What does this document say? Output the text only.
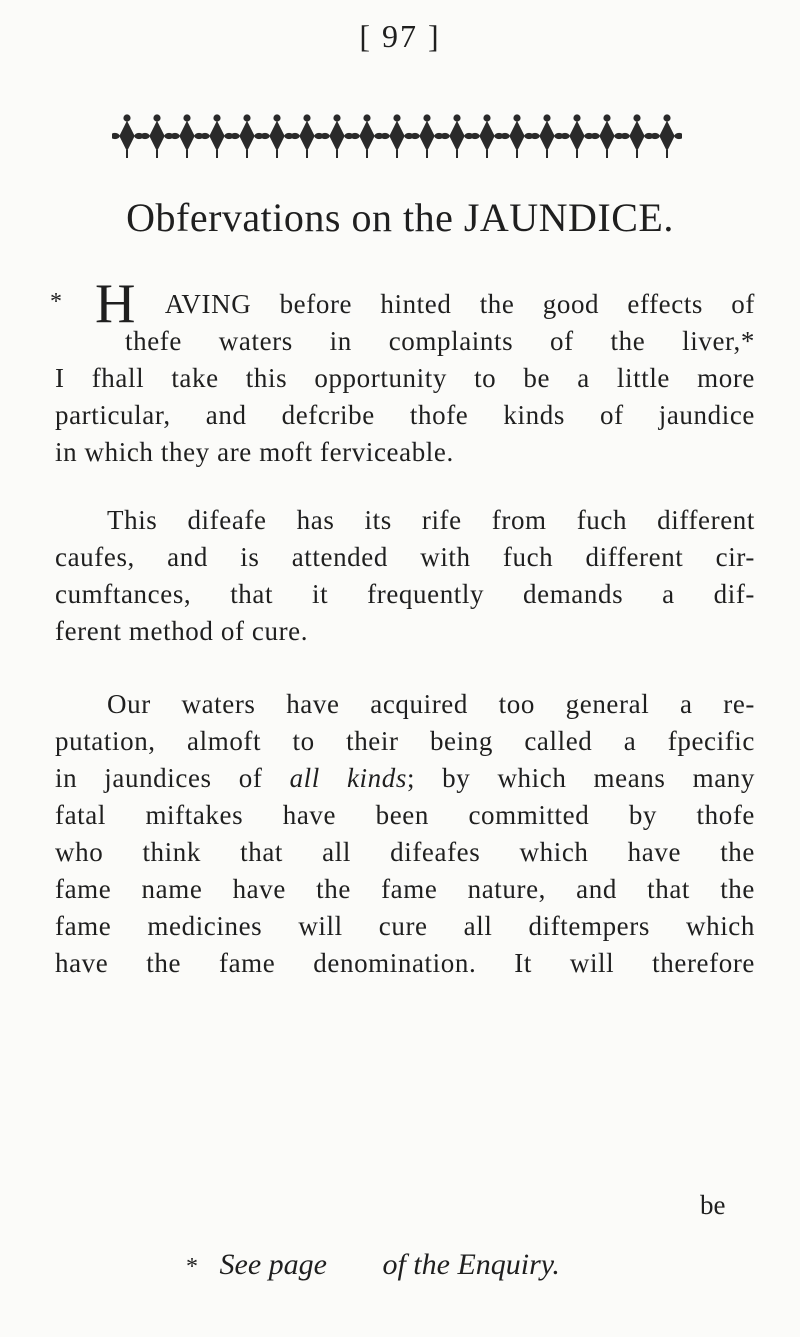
[ 97 ]
Obfervations on the JAUNDICE.
* H AVING before hinted the good effects of
thefe waters in complaints of the liver,*
I fhall take this opportunity to be a little more
particular, and defcribe thofe kinds of jaundice
in which they are moft ferviceable.
This difeafe has its rife from fuch different
caufes, and is attended with fuch different cir-
cumftances, that it frequently demands a dif-
ferent method of cure.
Our waters have acquired too general a re-
putation, almoft to their being called a fpecific
in jaundices of all kinds; by which means many
fatal miftakes have been committed by thofe
who think that all difeafes which have the
fame name have the fame nature, and that the
fame medicines will cure all diftempers which
have the fame denomination. It will therefore
be
* See page of the Enquiry.
